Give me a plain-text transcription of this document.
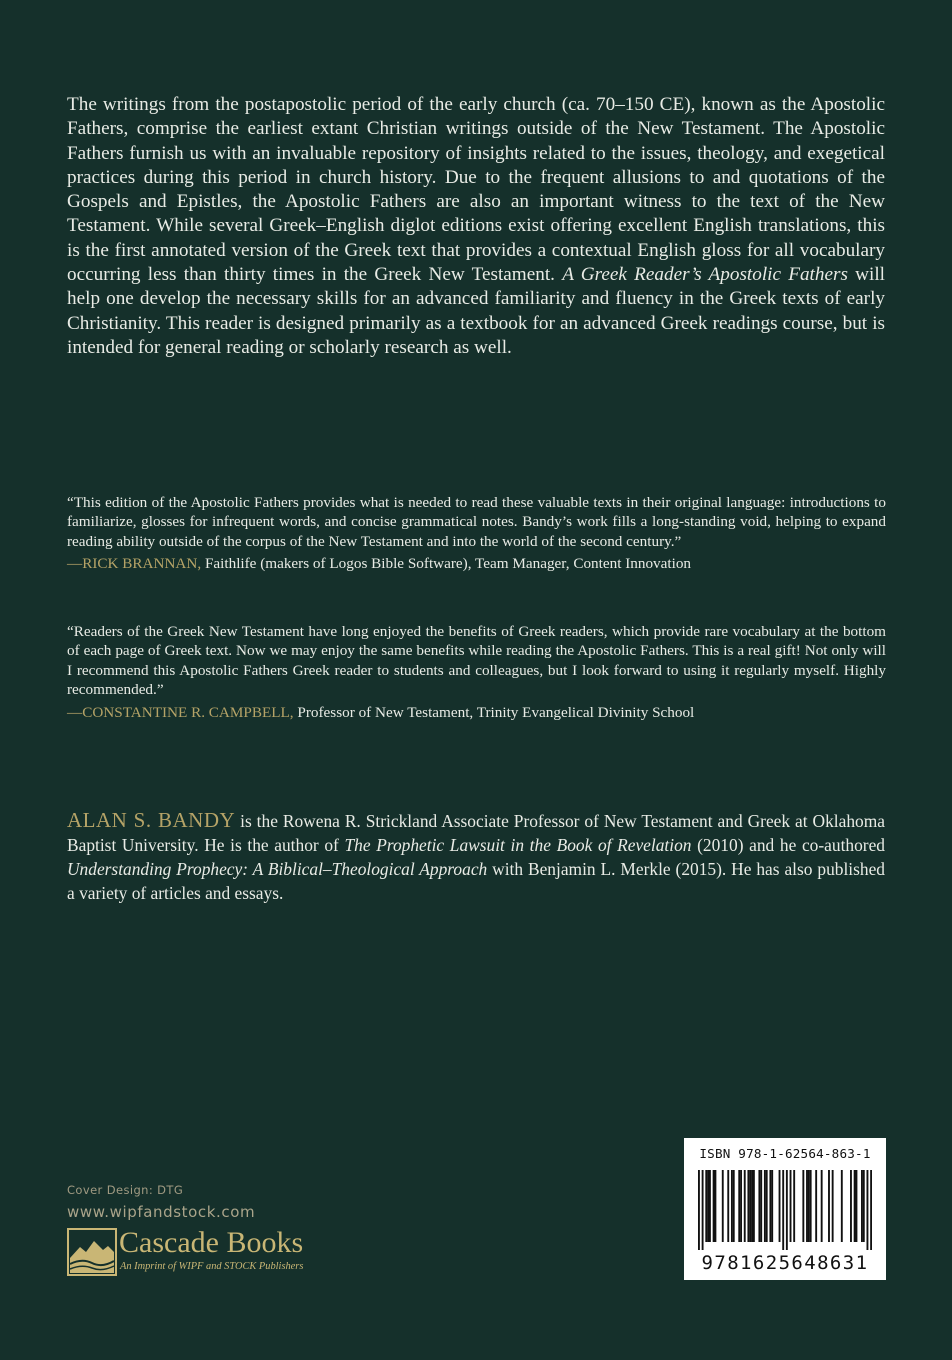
The writings from the postapostolic period of the early church (ca. 70–150 CE), known as the Apostolic Fathers, comprise the earliest extant Christian writings outside of the New Testament. The Apostolic Fathers furnish us with an invaluable repository of insights related to the issues, theology, and exegetical practices during this period in church history. Due to the frequent allusions to and quotations of the Gospels and Epistles, the Apostolic Fathers are also an important witness to the text of the New Testament. While several Greek–English diglot editions exist offering excellent English translations, this is the first annotated version of the Greek text that provides a contextual English gloss for all vocabulary occurring less than thirty times in the Greek New Testament. A Greek Reader’s Apostolic Fathers will help one develop the necessary skills for an advanced familiarity and fluency in the Greek texts of early Christianity. This reader is designed primarily as a textbook for an advanced Greek readings course, but is intended for general reading or scholarly research as well.

“This edition of the Apostolic Fathers provides what is needed to read these valuable texts in their original language: introductions to familiarize, glosses for infrequent words, and concise grammatical notes. Bandy’s work fills a long-standing void, helping to expand reading ability outside of the corpus of the New Testament and into the world of the second century.”
—RICK BRANNAN, Faithlife (makers of Logos Bible Software), Team Manager, Content Innovation
“Readers of the Greek New Testament have long enjoyed the benefits of Greek readers, which provide rare vocabulary at the bottom of each page of Greek text. Now we may enjoy the same benefits while reading the Apostolic Fathers. This is a real gift! Not only will I recommend this Apostolic Fathers Greek reader to students and colleagues, but I look forward to using it regularly myself. Highly recommended.”
—CONSTANTINE R. CAMPBELL, Professor of New Testament, Trinity Evangelical Divinity School

ALAN S. BANDY is the Rowena R. Strickland Associate Professor of New Testament and Greek at Oklahoma Baptist University. He is the author of The Prophetic Lawsuit in the Book of Revelation (2010) and he co-authored Understanding Prophecy: A Biblical–Theological Approach with Benjamin L. Merkle (2015). He has also published a variety of articles and essays.

Cover Design: DTG

www.wipfandstock.com

Cascade Books

An Imprint of WIPF and STOCK Publishers

ISBN 978-1-62564-863-1

9781625648631
